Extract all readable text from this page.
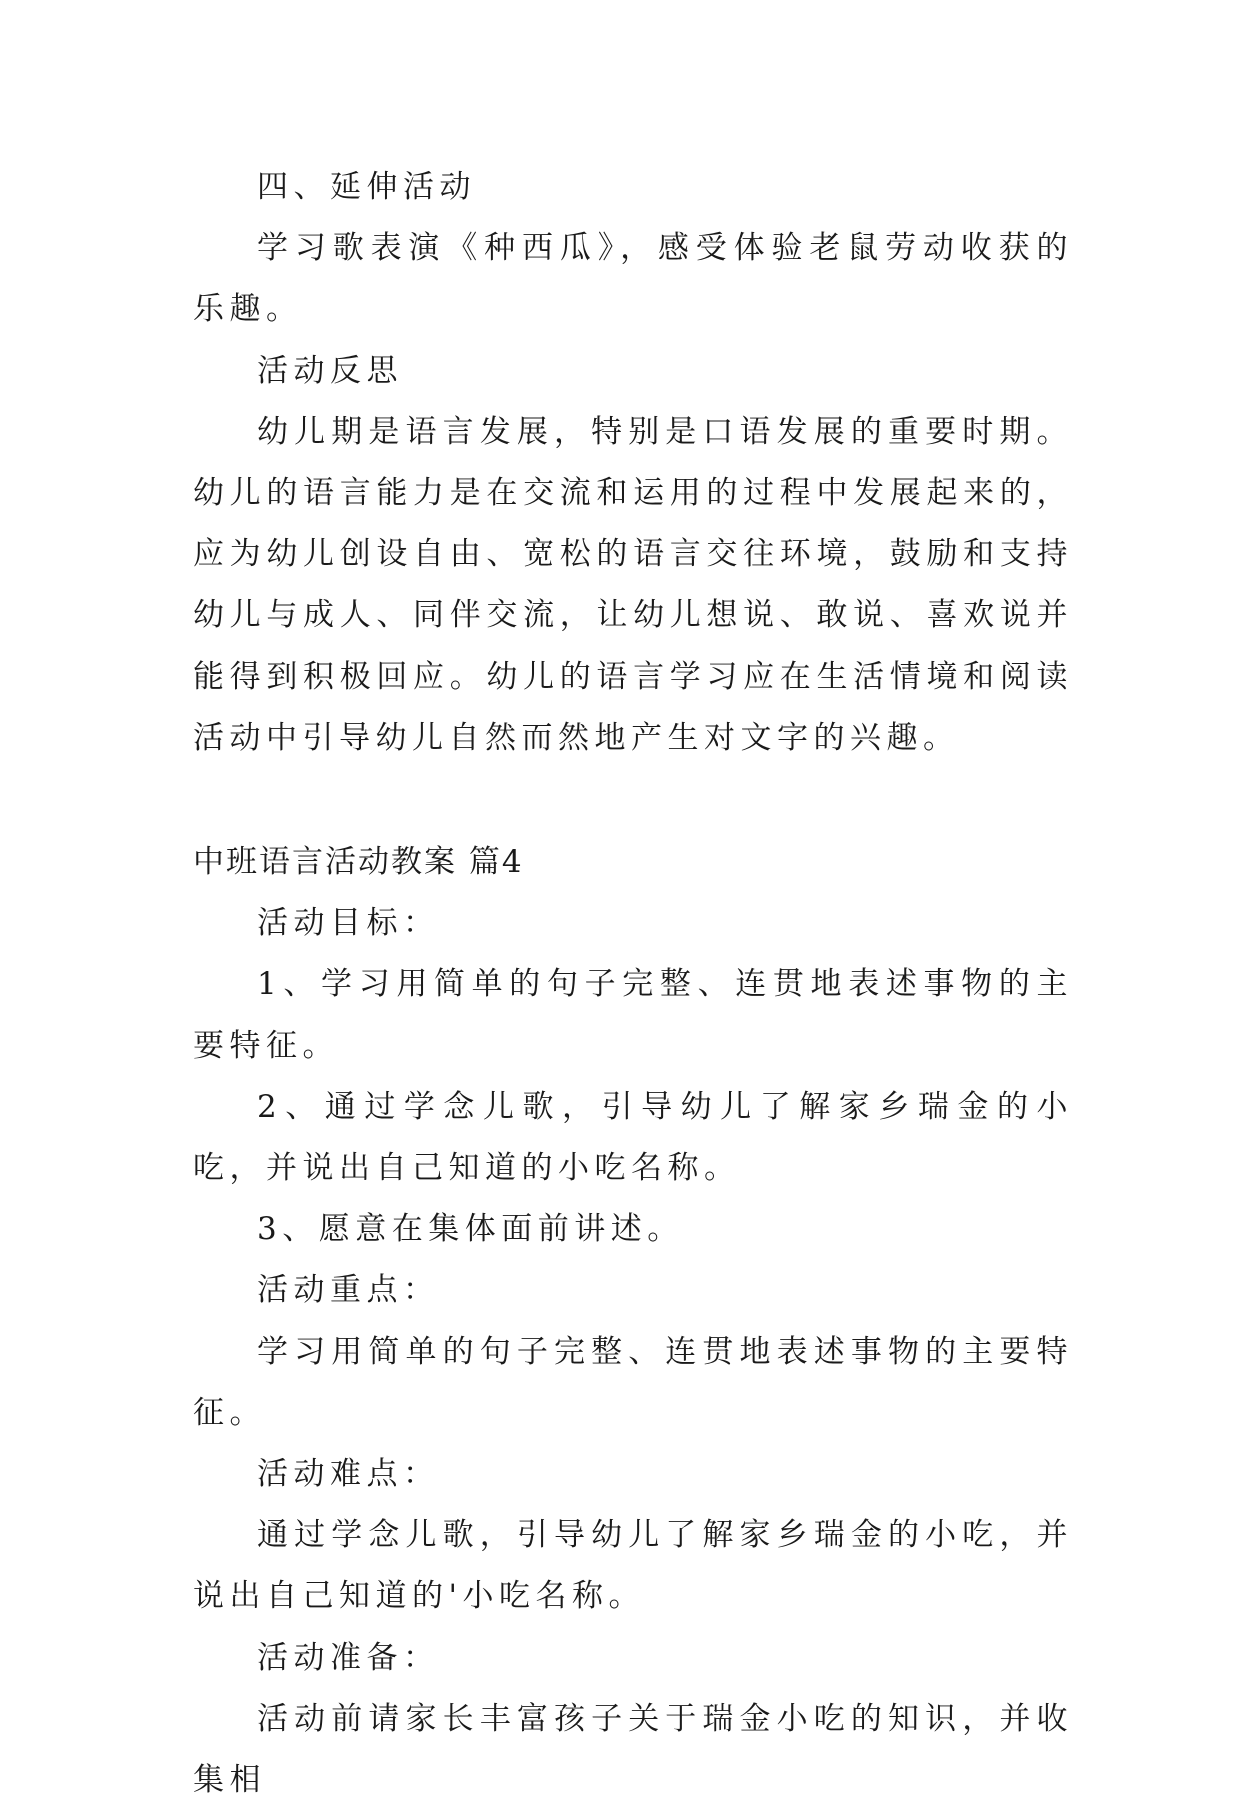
四、延伸活动

学习歌表演《种西瓜》，感受体验老鼠劳动收获的乐趣。

活动反思

幼儿期是语言发展，特别是口语发展的重要时期。幼儿的语言能力是在交流和运用的过程中发展起来的，应为幼儿创设自由、宽松的语言交往环境，鼓励和支持幼儿与成人、同伴交流，让幼儿想说、敢说、喜欢说并能得到积极回应。幼儿的语言学习应在生活情境和阅读活动中引导幼儿自然而然地产生对文字的兴趣。

中班语言活动教案 篇4

活动目标：

1、学习用简单的句子完整、连贯地表述事物的主要特征。

2、通过学念儿歌，引导幼儿了解家乡瑞金的小吃，并说出自己知道的小吃名称。

3、愿意在集体面前讲述。

活动重点：

学习用简单的句子完整、连贯地表述事物的主要特征。

活动难点：

通过学念儿歌，引导幼儿了解家乡瑞金的小吃，并说出自己知道的'小吃名称。

活动准备：

活动前请家长丰富孩子关于瑞金小吃的知识，并收集相
